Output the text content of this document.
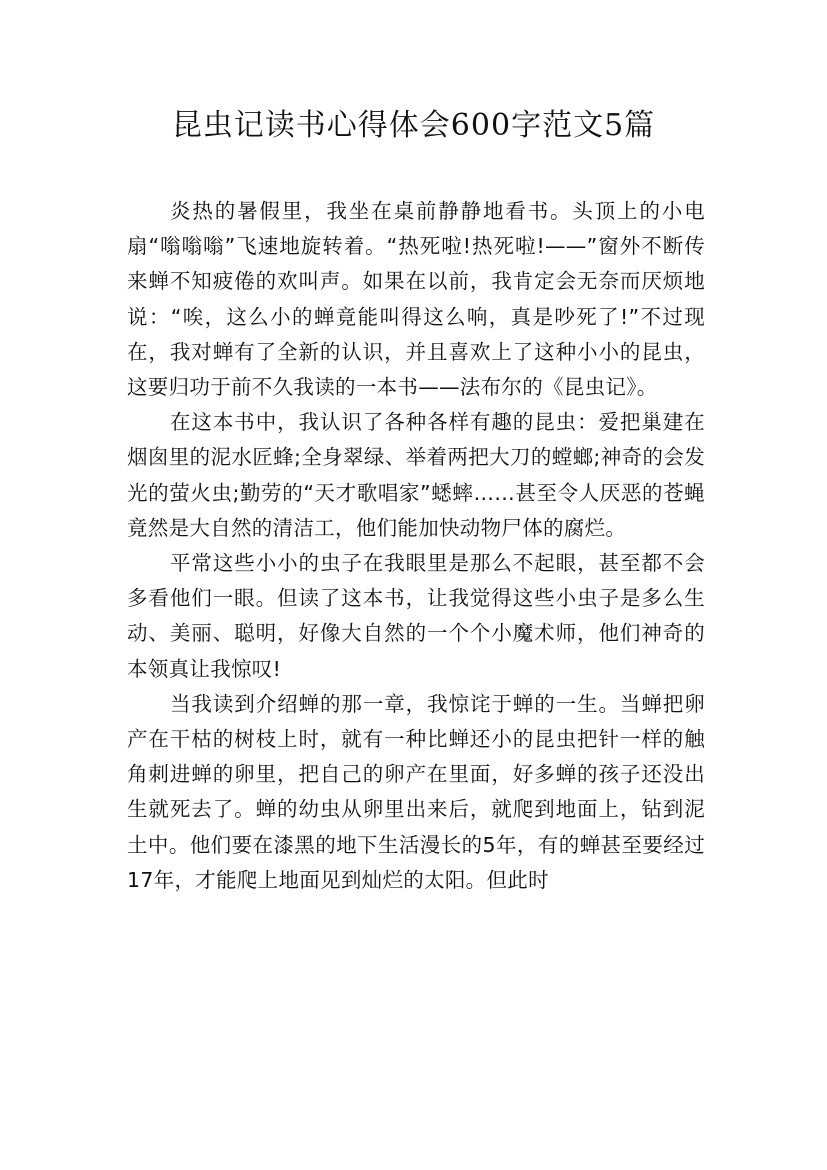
昆虫记读书心得体会600字范文5篇

炎热的暑假里，我坐在桌前静静地看书。头顶上的小电扇“嗡嗡嗡”飞速地旋转着。“热死啦!热死啦!——”窗外不断传来蝉不知疲倦的欢叫声。如果在以前，我肯定会无奈而厌烦地说：“唉，这么小的蝉竟能叫得这么响，真是吵死了!”不过现在，我对蝉有了全新的认识，并且喜欢上了这种小小的昆虫，这要归功于前不久我读的一本书——法布尔的《昆虫记》。

在这本书中，我认识了各种各样有趣的昆虫：爱把巢建在烟囱里的泥水匠蜂;全身翠绿、举着两把大刀的螳螂;神奇的会发光的萤火虫;勤劳的“天才歌唱家”蟋蟀……甚至令人厌恶的苍蝇竟然是大自然的清洁工，他们能加快动物尸体的腐烂。

平常这些小小的虫子在我眼里是那么不起眼，甚至都不会多看他们一眼。但读了这本书，让我觉得这些小虫子是多么生动、美丽、聪明，好像大自然的一个个小魔术师，他们神奇的本领真让我惊叹!

当我读到介绍蝉的那一章，我惊诧于蝉的一生。当蝉把卵产在干枯的树枝上时，就有一种比蝉还小的昆虫把针一样的触角刺进蝉的卵里，把自己的卵产在里面，好多蝉的孩子还没出生就死去了。蝉的幼虫从卵里出来后，就爬到地面上，钻到泥土中。他们要在漆黑的地下生活漫长的5年，有的蝉甚至要经过17年，才能爬上地面见到灿烂的太阳。但此时
